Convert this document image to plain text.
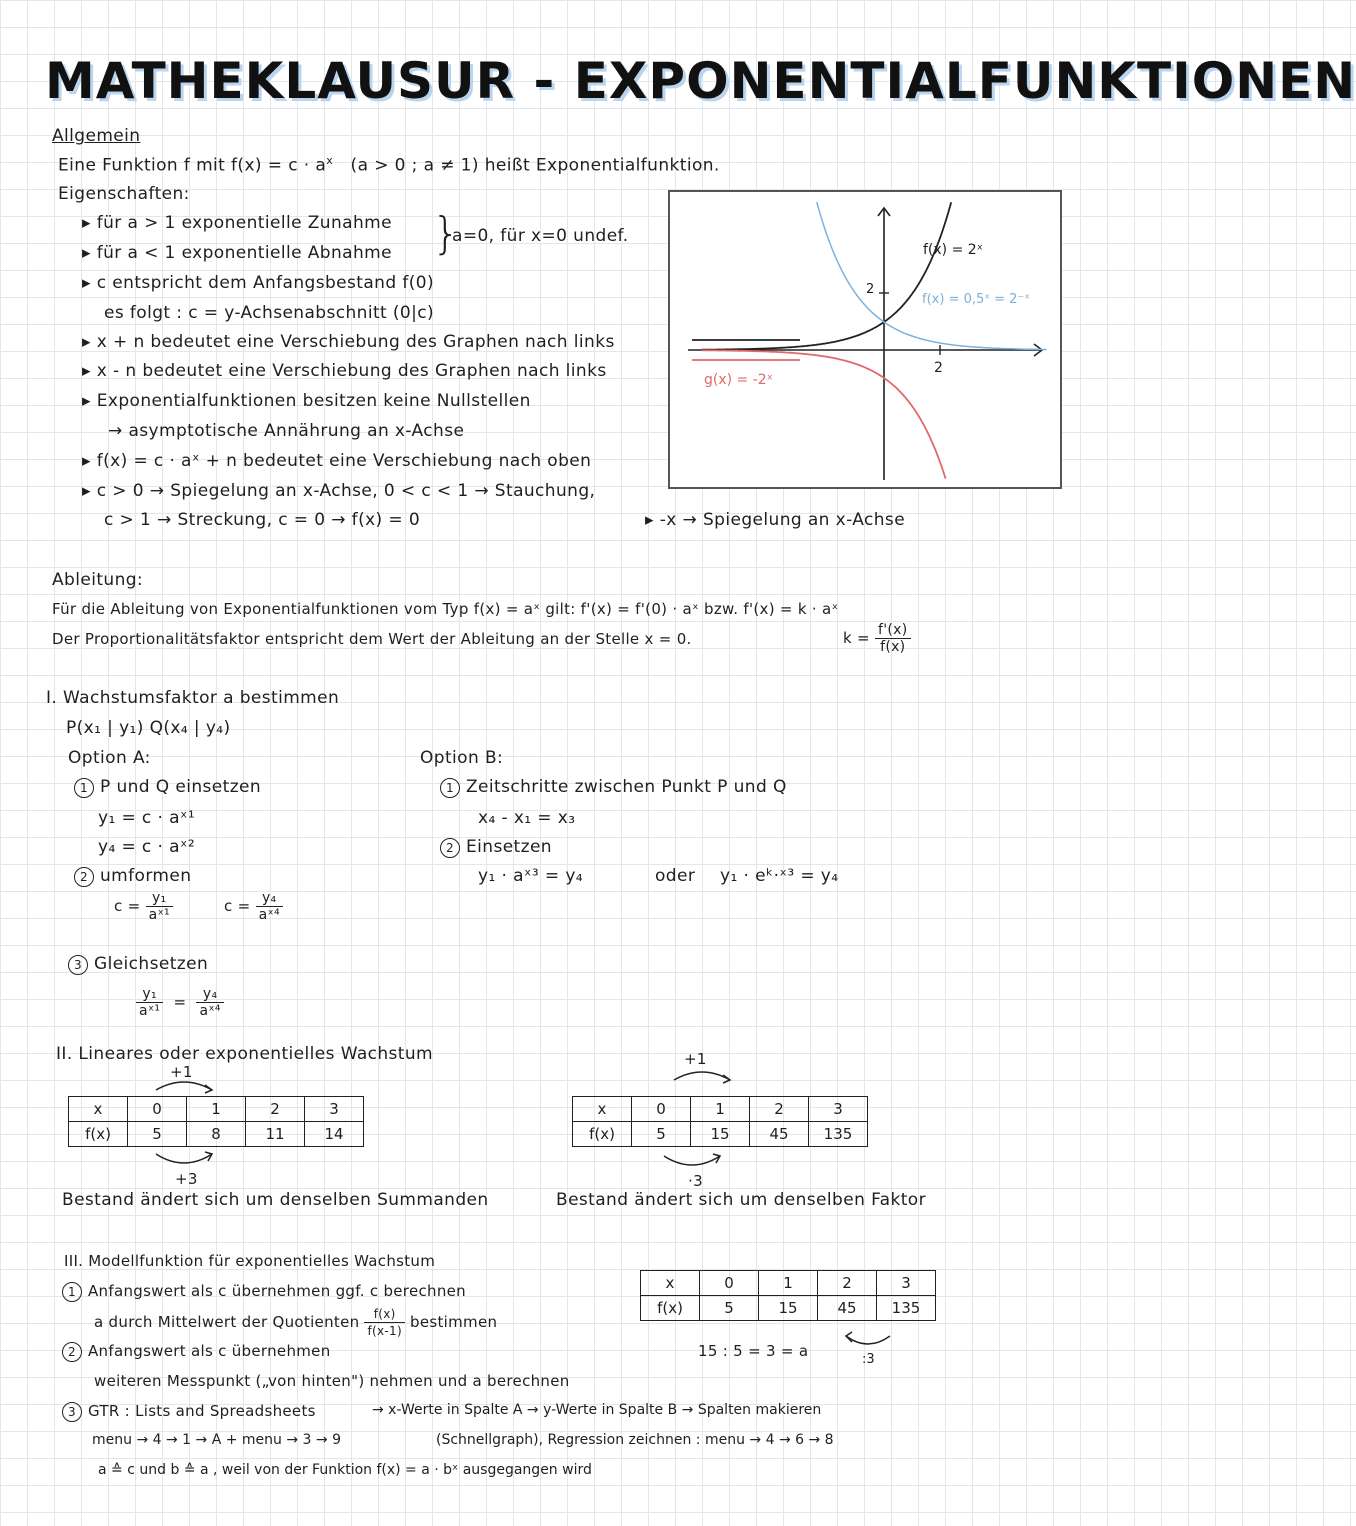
MATHEKLAUSUR - EXPONENTIALFUNKTIONEN
Allgemein
Eine Funktion f mit $f(x) = c \cdot a^x$ (a > 0 ; a ≠ 1) heißt Exponentialfunktion.
Eigenschaften:
▸ für a > 1 exponentielle Zunahme
▸ für a < 1 exponentielle Abnahme }
a=0, für x=0 undef.
▸ c entspricht dem Anfangsbestand f(0)
es folgt : c = y-Achsenabschnitt (0|c)
▸ x + n bedeutet eine Verschiebung des Graphen nach links
▸ x - n bedeutet eine Verschiebung des Graphen nach links
▸ Exponentialfunktionen besitzen keine Nullstellen
→ asymptotische Annährung an x-Achse
▸ f(x) = c · aˣ + n bedeutet eine Verschiebung nach oben
▸ c > 0 → Spiegelung an x-Achse, 0 < c < 1 → Stauchung,
c > 1 → Streckung, c = 0 → f(x) = 0	▸ -x → Spiegelung an x-Achse
f(x) = 2ˣ
f(x) = 0,5ˣ = 2⁻ˣ
g(x) = -2ˣ
2
2
Ableitung:
Für die Ableitung von Exponentialfunktionen vom Typ f(x) = aˣ gilt: f'(x) = f'(0) · aˣ bzw. f'(x) = k · aˣ
Der Proportionalitätsfaktor entspricht dem Wert der Ableitung an der Stelle x = 0.	$k = \frac{f'(x)}{f(x)}$
I. Wachstumsfaktor a bestimmen
P(x₁ | y₁) Q(x₄ | y₄)
Option A:
1 P und Q einsetzen
y₁ = c · aˣ¹
y₄ = c · aˣ²
2 umformen
$c = \frac{\text{y₁}}{\text{aˣ¹}}$	$c = \frac{\text{y₄}}{\text{aˣ⁴}}$
3 Gleichsetzen
$\frac{\text{y₁}}{\text{aˣ¹}} = \frac{\text{y₄}}{\text{aˣ⁴}}$
Option B:
1 Zeitschritte zwischen Punkt P und Q
x₄ - x₁ = x₃
2 Einsetzen
y₁ · aˣ³ = y₄	oder y₁ · eᵏ·ˣ³ = y₄
II. Lineares oder exponentielles Wachstum
+1
x	0	1	2	3
f(x)	5	8	11	14
+3
Bestand ändert sich um denselben Summanden
+1
x	0	1	2	3
f(x)	5	15	45	135
·3
Bestand ändert sich um denselben Faktor
III. Modellfunktion für exponentielles Wachstum
1 Anfangswert als c übernehmen ggf. c berechnen
a durch Mittelwert der Quotienten $\frac{f(x)}{f(x-1)}$ bestimmen
2 Anfangswert als c übernehmen
weiteren Messpunkt („von hinten") nehmen und a berechnen
3 GTR : Lists and Spreadsheets	→ x-Werte in Spalte A → y-Werte in Spalte B → Spalten makieren
menu → 4 → 1 → A + menu → 3 → 9	(Schnellgraph), Regression zeichnen : menu → 4 → 6 → 8
a ≙ c und b ≙ a , weil von der Funktion f(x) = a · bˣ ausgegangen wird
x	0	1	2	3
f(x)	5	15	45	135
15 : 5 = 3 = a	:3
